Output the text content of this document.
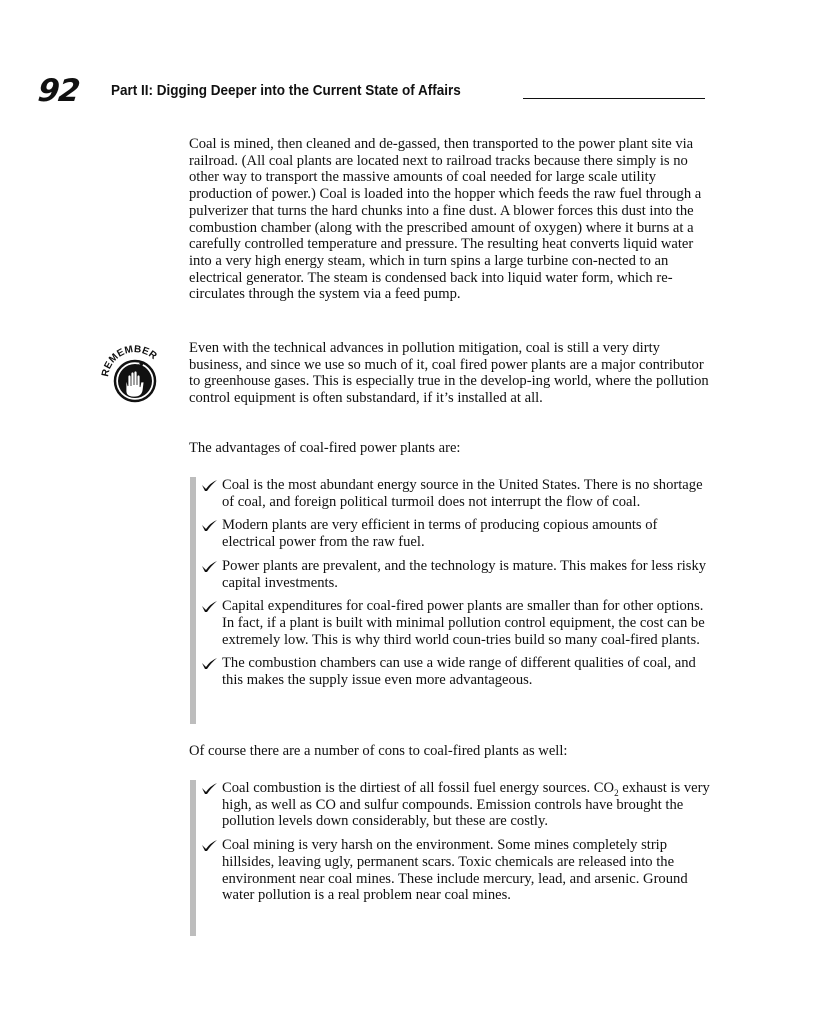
92 Part II: Digging Deeper into the Current State of Affairs

Coal is mined, then cleaned and de-gassed, then transported to the power plant site via railroad. (All coal plants are located next to railroad tracks because there simply is no other way to transport the massive amounts of coal needed for large scale utility production of power.) Coal is loaded into the hopper which feeds the raw fuel through a pulverizer that turns the hard chunks into a fine dust. A blower forces this dust into the combustion chamber (along with the prescribed amount of oxygen) where it burns at a carefully controlled temperature and pressure. The resulting heat converts liquid water into a very high energy steam, which in turn spins a large turbine con-nected to an electrical generator. The steam is condensed back into liquid water form, which re-circulates through the system via a feed pump.

REMEMBER Even with the technical advances in pollution mitigation, coal is still a very dirty business, and since we use so much of it, coal fired power plants are a major contributor to greenhouse gases. This is especially true in the develop-ing world, where the pollution control equipment is often substandard, if it’s installed at all.

The advantages of coal-fired power plants are:

Coal is the most abundant energy source in the United States. There is no shortage of coal, and foreign political turmoil does not interrupt the flow of coal.
Modern plants are very efficient in terms of producing copious amounts of electrical power from the raw fuel.
Power plants are prevalent, and the technology is mature. This makes for less risky capital investments.
Capital expenditures for coal-fired power plants are smaller than for other options. In fact, if a plant is built with minimal pollution control equipment, the cost can be extremely low. This is why third world coun-tries build so many coal-fired plants.
The combustion chambers can use a wide range of different qualities of coal, and this makes the supply issue even more advantageous.

Of course there are a number of cons to coal-fired plants as well:

Coal combustion is the dirtiest of all fossil fuel energy sources. $CO_2$ exhaust is very high, as well as CO and sulfur compounds. Emission controls have brought the pollution levels down considerably, but these are costly.
Coal mining is very harsh on the environment. Some mines completely strip hillsides, leaving ugly, permanent scars. Toxic chemicals are released into the environment near coal mines. These include mercury, lead, and arsenic. Ground water pollution is a real problem near coal mines.
